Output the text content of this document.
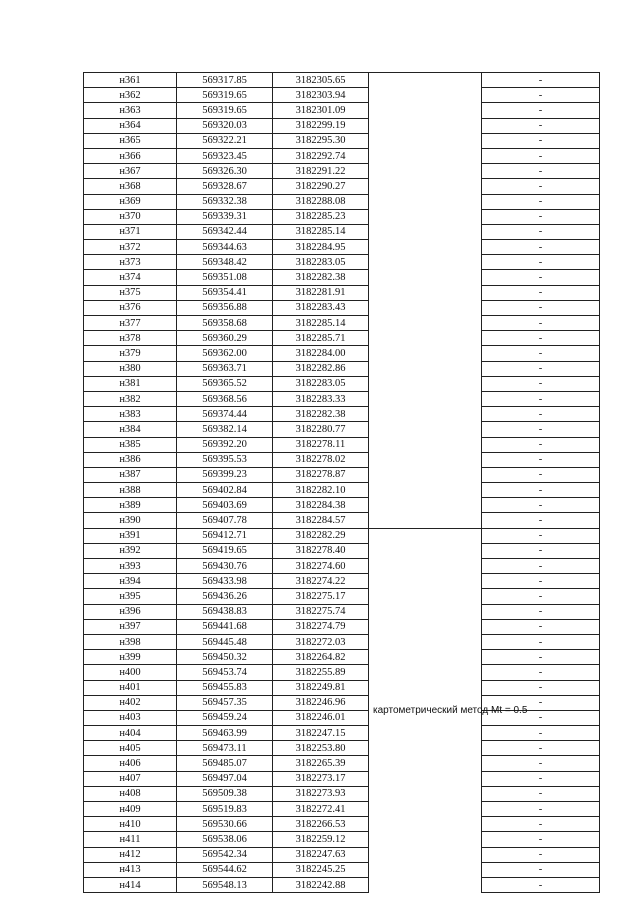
н361	569317.85	3182305.65		-
н362	569319.65	3182303.94		-
н363	569319.65	3182301.09		-
н364	569320.03	3182299.19		-
н365	569322.21	3182295.30		-
н366	569323.45	3182292.74		-
н367	569326.30	3182291.22		-
н368	569328.67	3182290.27		-
н369	569332.38	3182288.08		-
н370	569339.31	3182285.23		-
н371	569342.44	3182285.14		-
н372	569344.63	3182284.95		-
н373	569348.42	3182283.05		-
н374	569351.08	3182282.38		-
н375	569354.41	3182281.91		-
н376	569356.88	3182283.43		-
н377	569358.68	3182285.14		-
н378	569360.29	3182285.71		-
н379	569362.00	3182284.00		-
н380	569363.71	3182282.86		-
н381	569365.52	3182283.05		-
н382	569368.56	3182283.33		-
н383	569374.44	3182282.38		-
н384	569382.14	3182280.77		-
н385	569392.20	3182278.11		-
н386	569395.53	3182278.02		-
н387	569399.23	3182278.87		-
н388	569402.84	3182282.10		-
н389	569403.69	3182284.38		-
н390	569407.78	3182284.57		-
н391	569412.71	3182282.29	картометрический метод Mt = 0.5	-
н392	569419.65	3182278.40		-
н393	569430.76	3182274.60		-
н394	569433.98	3182274.22		-
н395	569436.26	3182275.17		-
н396	569438.83	3182275.74		-
н397	569441.68	3182274.79		-
н398	569445.48	3182272.03		-
н399	569450.32	3182264.82		-
н400	569453.74	3182255.89		-
н401	569455.83	3182249.81		-
н402	569457.35	3182246.96		-
н403	569459.24	3182246.01		-
н404	569463.99	3182247.15		-
н405	569473.11	3182253.80		-
н406	569485.07	3182265.39		-
н407	569497.04	3182273.17		-
н408	569509.38	3182273.93		-
н409	569519.83	3182272.41		-
н410	569530.66	3182266.53		-
н411	569538.06	3182259.12		-
н412	569542.34	3182247.63		-
н413	569544.62	3182245.25		-
н414	569548.13	3182242.88		-
